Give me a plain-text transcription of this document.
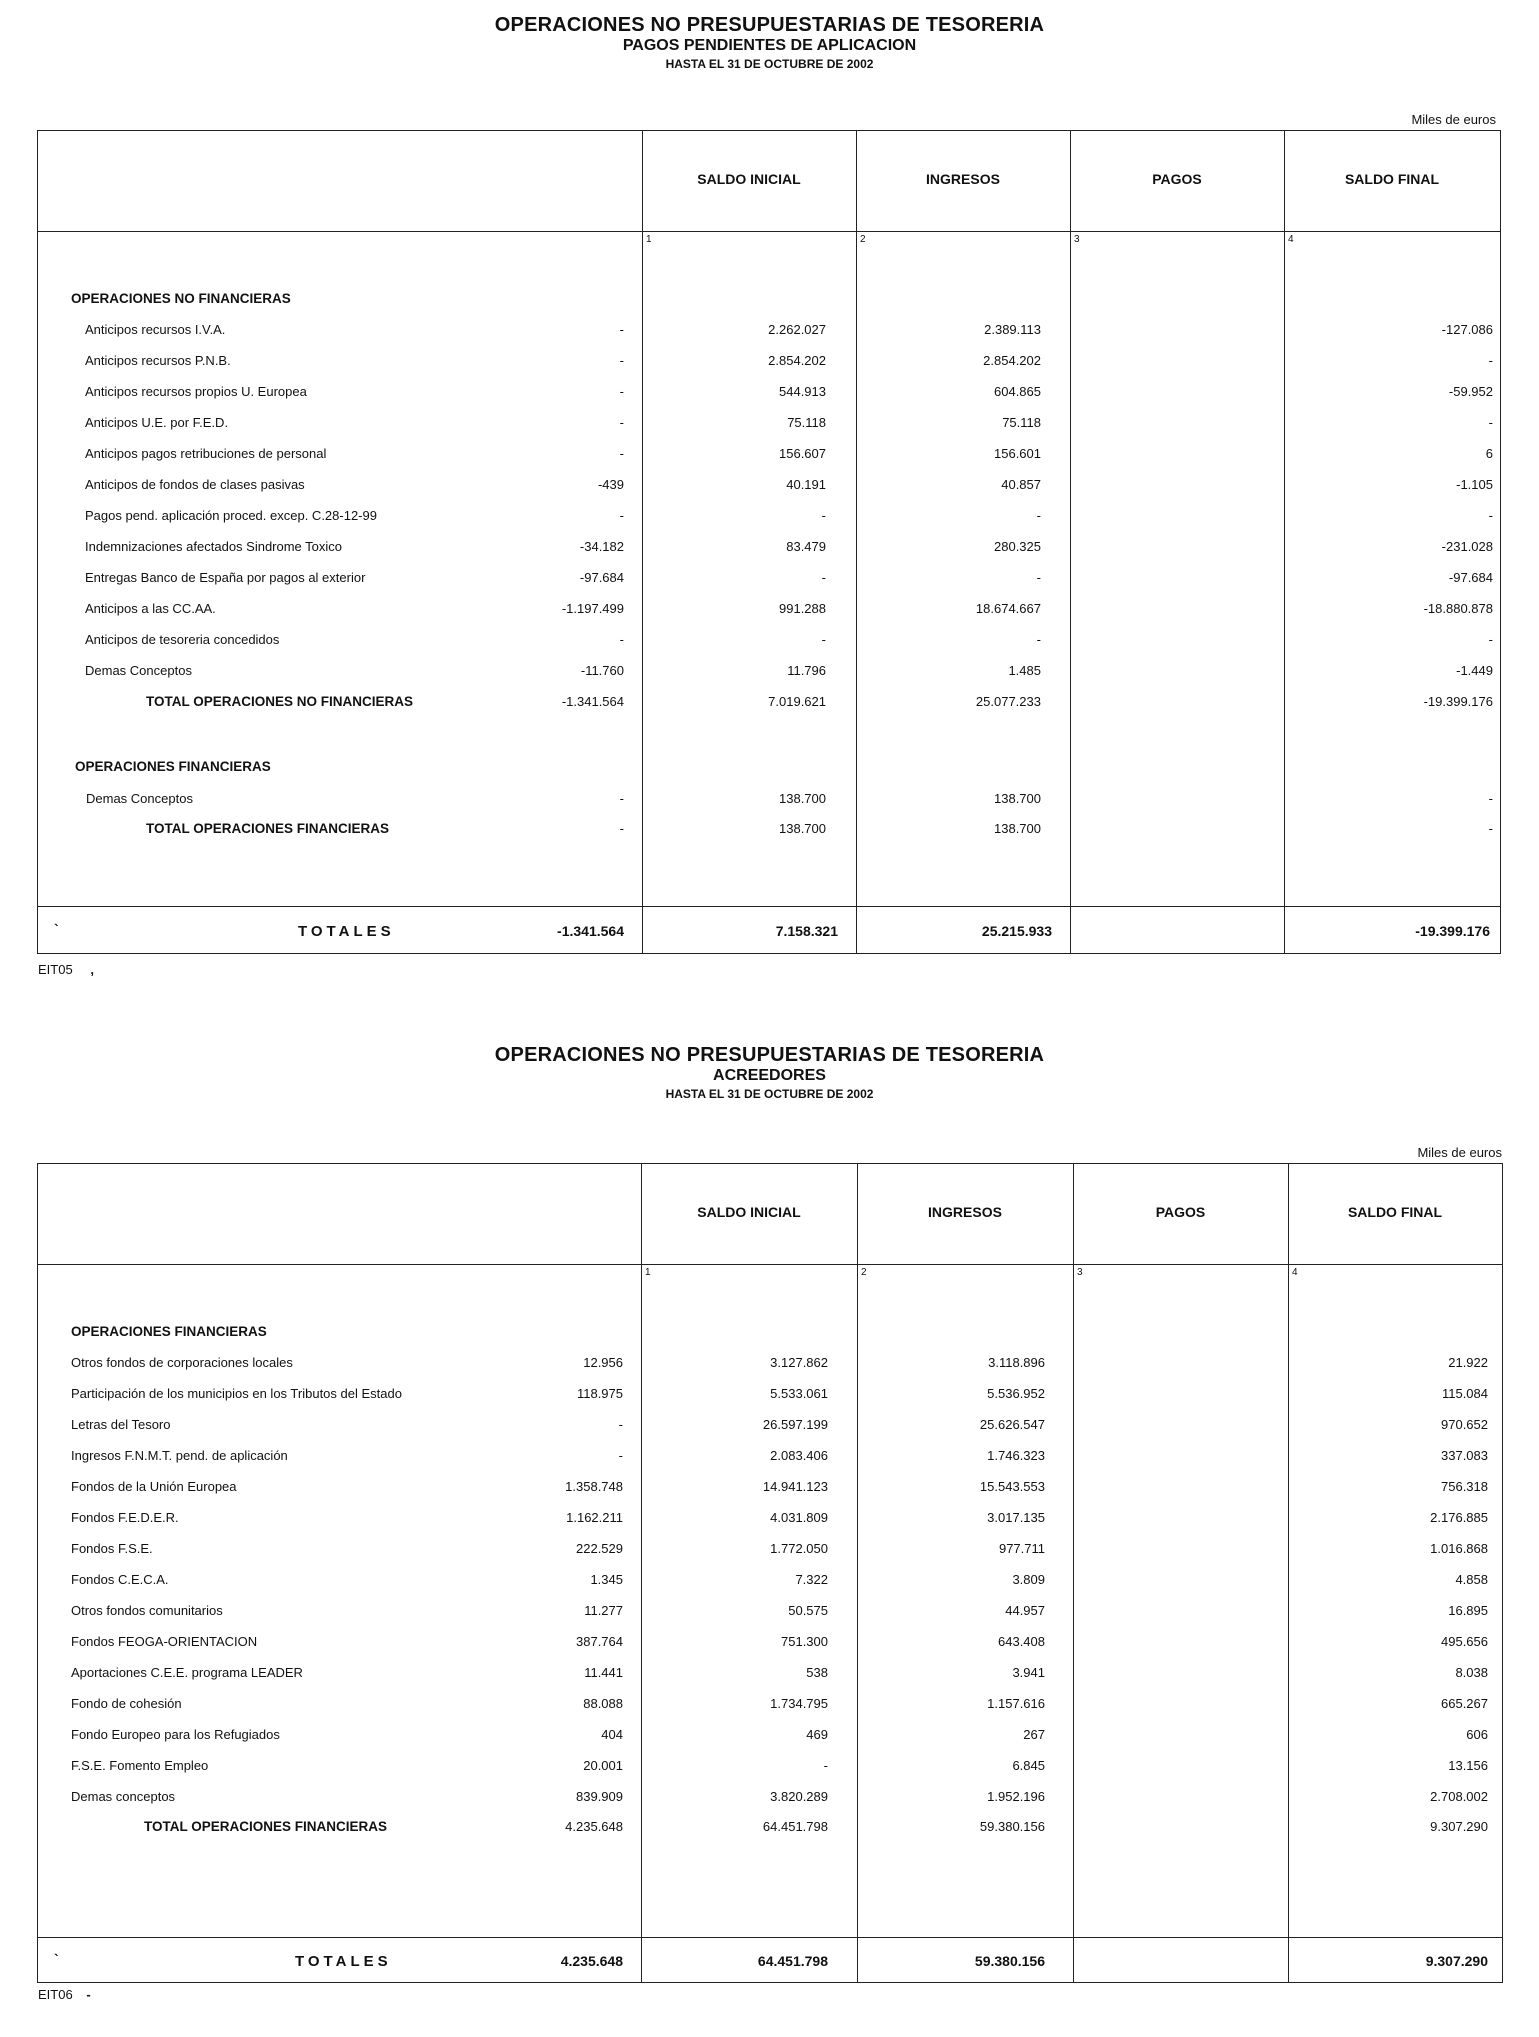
OPERACIONES NO PRESUPUESTARIAS DE TESORERIA
PAGOS PENDIENTES DE APLICACION
HASTA EL 31 DE OCTUBRE DE 2002
Miles de euros
SALDO INICIAL	INGRESOS	PAGOS	SALDO FINAL
1	2	3	4
OPERACIONES NO FINANCIERAS
Anticipos recursos I.V.A.	-	2.262.027	2.389.113	-127.086
Anticipos recursos P.N.B.	-	2.854.202	2.854.202	-
Anticipos recursos propios U. Europea	-	544.913	604.865	-59.952
Anticipos U.E. por F.E.D.	-	75.118	75.118	-
Anticipos pagos retribuciones de personal	-	156.607	156.601	6
Anticipos de fondos de clases pasivas	-439	40.191	40.857	-1.105
Pagos pend. aplicación proced. excep. C.28-12-99	-	-	-	-
Indemnizaciones afectados Sindrome Toxico	-34.182	83.479	280.325	-231.028
Entregas Banco de España por pagos al exterior	-97.684	-	-	-97.684
Anticipos a las CC.AA.	-1.197.499	991.288	18.674.667	-18.880.878
Anticipos de tesoreria concedidos	-	-	-	-
Demas Conceptos	-11.760	11.796	1.485	-1.449
TOTAL OPERACIONES NO FINANCIERAS	-1.341.564	7.019.621	25.077.233	-19.399.176
OPERACIONES FINANCIERAS
Demas Conceptos	-	138.700	138.700	-
TOTAL OPERACIONES FINANCIERAS	-	138.700	138.700	-
`	TOTALES	-1.341.564	7.158.321	25.215.933	-19.399.176
EIT05 ,
OPERACIONES NO PRESUPUESTARIAS DE TESORERIA
ACREEDORES
HASTA EL 31 DE OCTUBRE DE 2002
Miles de euros
SALDO INICIAL	INGRESOS	PAGOS	SALDO FINAL
1	2	3	4
OPERACIONES FINANCIERAS
Otros fondos de corporaciones locales	12.956	3.127.862	3.118.896	21.922
Participación de los municipios en los Tributos del Estado	118.975	5.533.061	5.536.952	115.084
Letras del Tesoro	-	26.597.199	25.626.547	970.652
Ingresos F.N.M.T. pend. de aplicación	-	2.083.406	1.746.323	337.083
Fondos de la Unión Europea	1.358.748	14.941.123	15.543.553	756.318
Fondos F.E.D.E.R.	1.162.211	4.031.809	3.017.135	2.176.885
Fondos F.S.E.	222.529	1.772.050	977.711	1.016.868
Fondos C.E.C.A.	1.345	7.322	3.809	4.858
Otros fondos comunitarios	11.277	50.575	44.957	16.895
Fondos FEOGA-ORIENTACION	387.764	751.300	643.408	495.656
Aportaciones C.E.E. programa LEADER	11.441	538	3.941	8.038
Fondo de cohesión	88.088	1.734.795	1.157.616	665.267
Fondo Europeo para los Refugiados	404	469	267	606
F.S.E. Fomento Empleo	20.001	-	6.845	13.156
Demas conceptos	839.909	3.820.289	1.952.196	2.708.002
TOTAL OPERACIONES FINANCIERAS	4.235.648	64.451.798	59.380.156	9.307.290
`	TOTALES	4.235.648	64.451.798	59.380.156	9.307.290
EIT06 -
